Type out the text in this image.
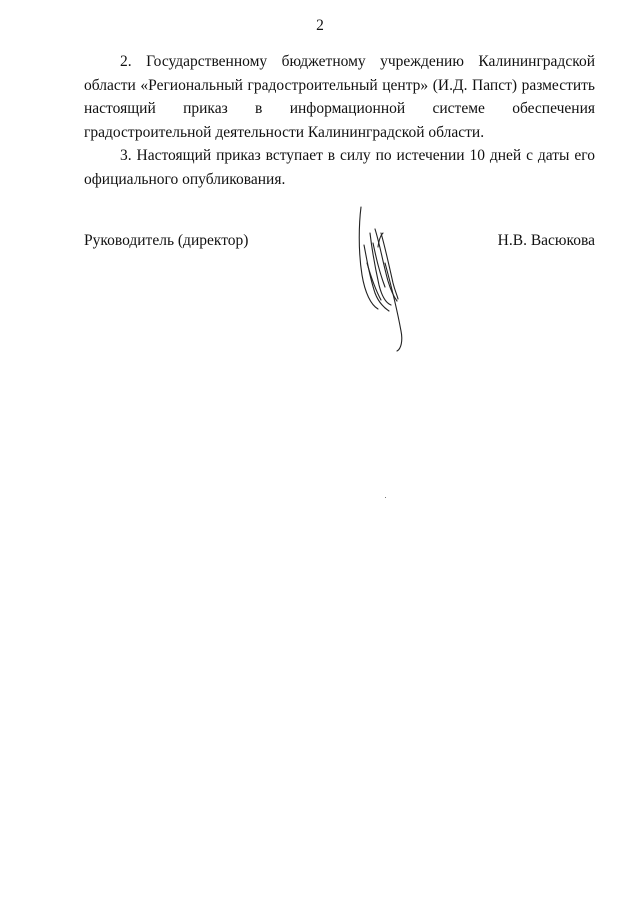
2

2. Государственному бюджетному учреждению Калининградской области «Региональный градостроительный центр» (И.Д. Папст) разместить настоящий приказ в информационной системе обеспечения градостроительной деятельности Калининградской области.

3. Настоящий приказ вступает в силу по истечении 10 дней с даты его официального опубликования.

Руководитель (директор)	Н.В. Васюкова
